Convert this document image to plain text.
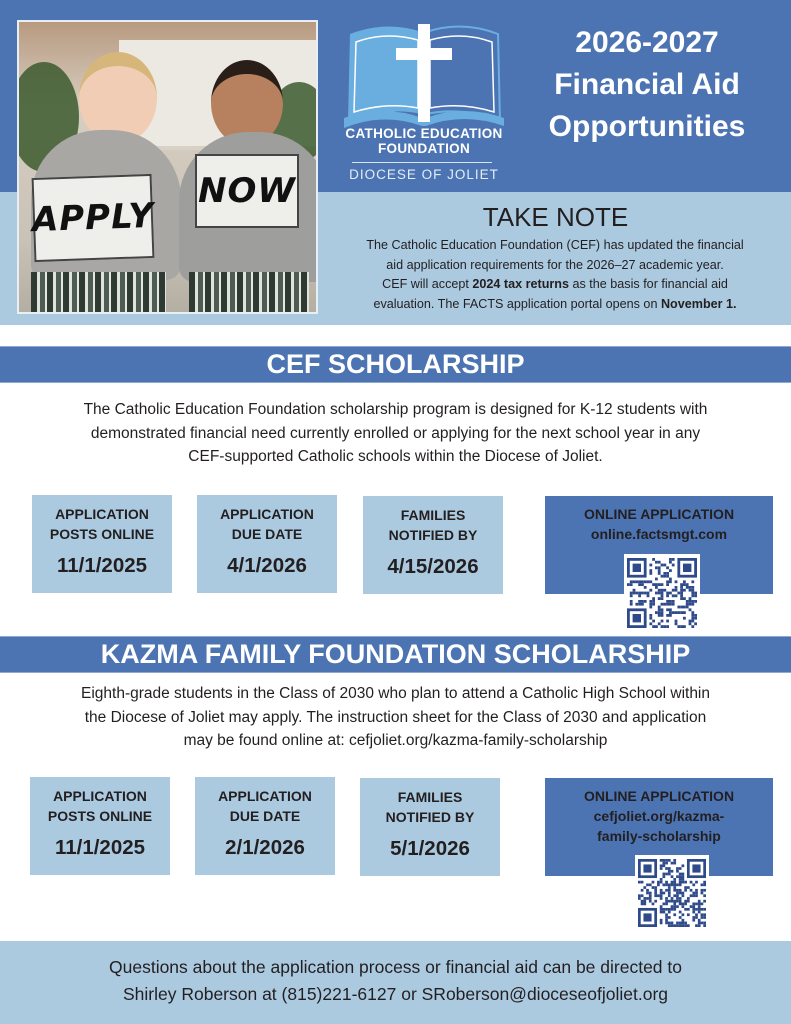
APPLY
NOW
CATHOLIC EDUCATION
FOUNDATION
DIOCESE OF JOLIET
2026-2027
Financial Aid
Opportunities
TAKE NOTE
The Catholic Education Foundation (CEF) has updated the financial
aid application requirements for the 2026–27 academic year.
CEF will accept 2024 tax returns as the basis for financial aid
evaluation. The FACTS application portal opens on November 1.
CEF SCHOLARSHIP
The Catholic Education Foundation scholarship program is designed for K-12 students with
demonstrated financial need currently enrolled or applying for the next school year in any
CEF-supported Catholic schools within the Diocese of Joliet.
APPLICATION
POSTS ONLINE
11/1/2025
APPLICATION
DUE DATE
4/1/2026
FAMILIES
NOTIFIED BY
4/15/2026
ONLINE APPLICATION
online.factsmgt.com
KAZMA FAMILY FOUNDATION SCHOLARSHIP
Eighth-grade students in the Class of 2030 who plan to attend a Catholic High School within
the Diocese of Joliet may apply. The instruction sheet for the Class of 2030 and application
may be found online at: cefjoliet.org/kazma-family-scholarship
APPLICATION
POSTS ONLINE
11/1/2025
APPLICATION
DUE DATE
2/1/2026
FAMILIES
NOTIFIED BY
5/1/2026
ONLINE APPLICATION
cefjoliet.org/kazma-
family-scholarship
Questions about the application process or financial aid can be directed to
Shirley Roberson at (815)221-6127 or SRoberson@dioceseofjoliet.org
